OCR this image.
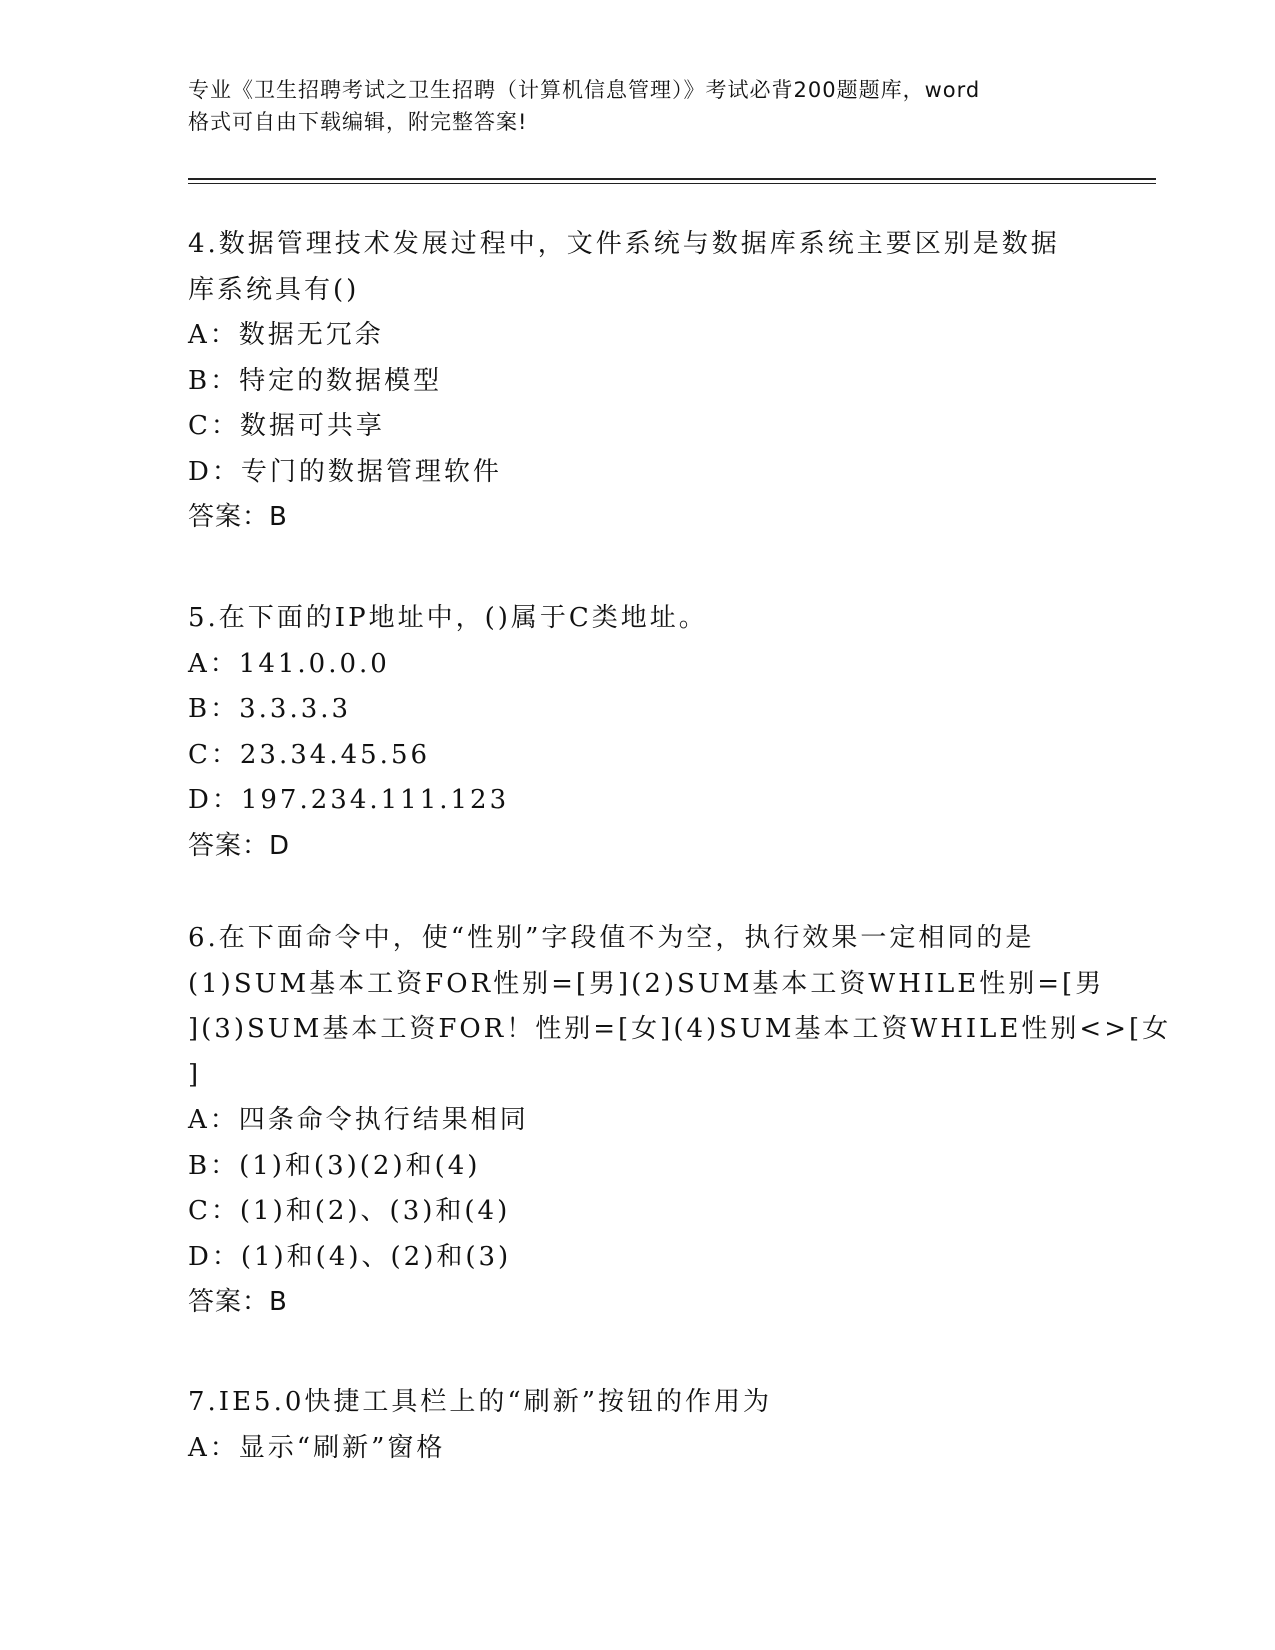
专业《卫生招聘考试之卫生招聘（计算机信息管理）》考试必背200题题库，word
格式可自由下载编辑，附完整答案!

4.数据管理技术发展过程中，文件系统与数据库系统主要区别是数据
库系统具有()
A：数据无冗余
B：特定的数据模型
C：数据可共享
D：专门的数据管理软件
答案：B
5.在下面的IP地址中，()属于C类地址。
A：141.0.0.0
B：3.3.3.3
C：23.34.45.56
D：197.234.111.123
答案：D
6.在下面命令中，使“性别”字段值不为空，执行效果一定相同的是
(1)SUM基本工资FOR性别=[男](2)SUM基本工资WHILE性别=[男
](3)SUM基本工资FOR！性别=[女](4)SUM基本工资WHILE性别<>[女
]
A：四条命令执行结果相同
B：(1)和(3)(2)和(4)
C：(1)和(2)、(3)和(4)
D：(1)和(4)、(2)和(3)
答案：B
7.IE5.0快捷工具栏上的“刷新”按钮的作用为
A：显示“刷新”窗格
